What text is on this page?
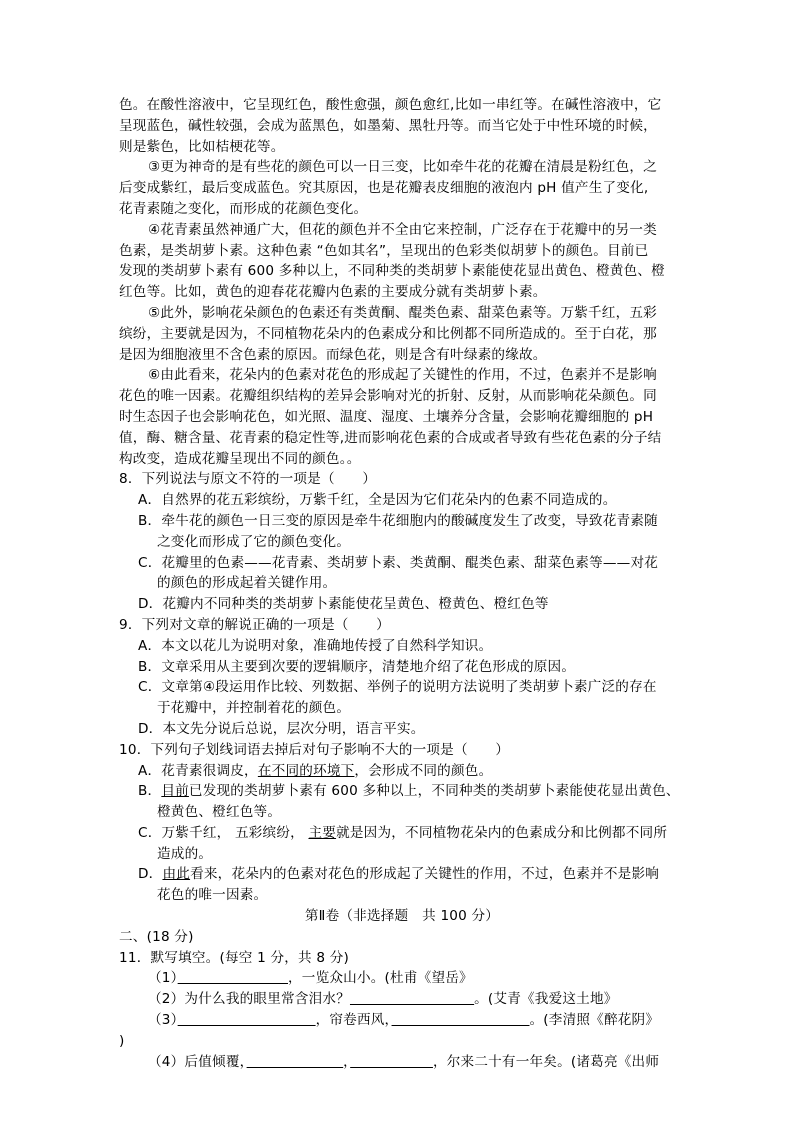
色。在酸性溶液中，它呈现红色，酸性愈强，颜色愈红,比如一串红等。在碱性溶液中，它
呈现蓝色，碱性较强，会成为蓝黑色，如墨菊、黑牡丹等。而当它处于中性环境的时候，
则是紫色，比如桔梗花等。
③更为神奇的是有些花的颜色可以一日三变，比如牵牛花的花瓣在清晨是粉红色，之
后变成紫红，最后变成蓝色。究其原因，也是花瓣表皮细胞的液泡内 pH 值产生了变化,
花青素随之变化，而形成的花颜色变化。
④花青素虽然神通广大，但花的颜色并不全由它来控制，广泛存在于花瓣中的另一类
色素，是类胡萝卜素。这种色素 “色如其名”，呈现出的色彩类似胡萝卜的颜色。目前已
发现的类胡萝卜素有 600 多种以上，不同种类的类胡萝卜素能使花显出黄色、橙黄色、橙
红色等。比如，黄色的迎春花花瓣内色素的主要成分就有类胡萝卜素。
⑤此外，影响花朵颜色的色素还有类黄酮、醌类色素、甜菜色素等。万紫千红，五彩
缤纷，主要就是因为，不同植物花朵内的色素成分和比例都不同所造成的。至于白花，那
是因为细胞液里不含色素的原因。而绿色花，则是含有叶绿素的缘故。
⑥由此看来，花朵内的色素对花色的形成起了关键性的作用，不过，色素并不是影响
花色的唯一因素。花瓣组织结构的差异会影响对光的折射、反射，从而影响花朵颜色。同
时生态因子也会影响花色，如光照、温度、湿度、土壤养分含量，会影响花瓣细胞的 pH
值，酶、糖含量、花青素的稳定性等,进而影响花色素的合成或者导致有些花色素的分子结
构改变，造成花瓣呈现出不同的颜色。。
8．下列说法与原文不符的一项是（　　）
A．自然界的花五彩缤纷，万紫千红，全是因为它们花朵内的色素不同造成的。
B．牵牛花的颜色一日三变的原因是牵牛花细胞内的酸碱度发生了改变，导致花青素随
之变化而形成了它的颜色变化。
C．花瓣里的色素——花青素、类胡萝卜素、类黄酮、醌类色素、甜菜色素等——对花
的颜色的形成起着关键作用。
D．花瓣内不同种类的类胡萝卜素能使花呈黄色、橙黄色、橙红色等
9．下列对文章的解说正确的一项是（　　）
A．本文以花儿为说明对象，准确地传授了自然科学知识。
B．文章采用从主要到次要的逻辑顺序，清楚地介绍了花色形成的原因。
C．文章第④段运用作比较、列数据、举例子的说明方法说明了类胡萝卜素广泛的存在
于花瓣中，并控制着花的颜色。
D．本文先分说后总说，层次分明，语言平实。
10．下列句子划线词语去掉后对句子影响不大的一项是（　　）
A．花青素很调皮，在不同的环境下，会形成不同的颜色。
B．目前已发现的类胡萝卜素有 600 多种以上，不同种类的类胡萝卜素能使花显出黄色、
橙黄色、橙红色等。
C．万紫千红， 五彩缤纷， 主要就是因为，不同植物花朵内的色素成分和比例都不同所
造成的。
D．由此看来，花朵内的色素对花色的形成起了关键性的作用，不过，色素并不是影响
花色的唯一因素。
第Ⅱ卷（非选择题　共 100 分）
二、(18 分)
11．默写填空。(每空 1 分，共 8 分)
（1）　　　　　　　　	，一览众山小。(杜甫《望岳》
（2）为什么我的眼里常含泪水？　　　　　　　　　	。(艾青《我爱这土地》
（3）　　　　　　　　　　	，帘卷西风，　　　　　　　　　　	。(李清照《醉花阴》
)
（4）后值倾覆，　　　　　　　	，　　　　　　	，尔来二十有一年矣。(诸葛亮《出师
